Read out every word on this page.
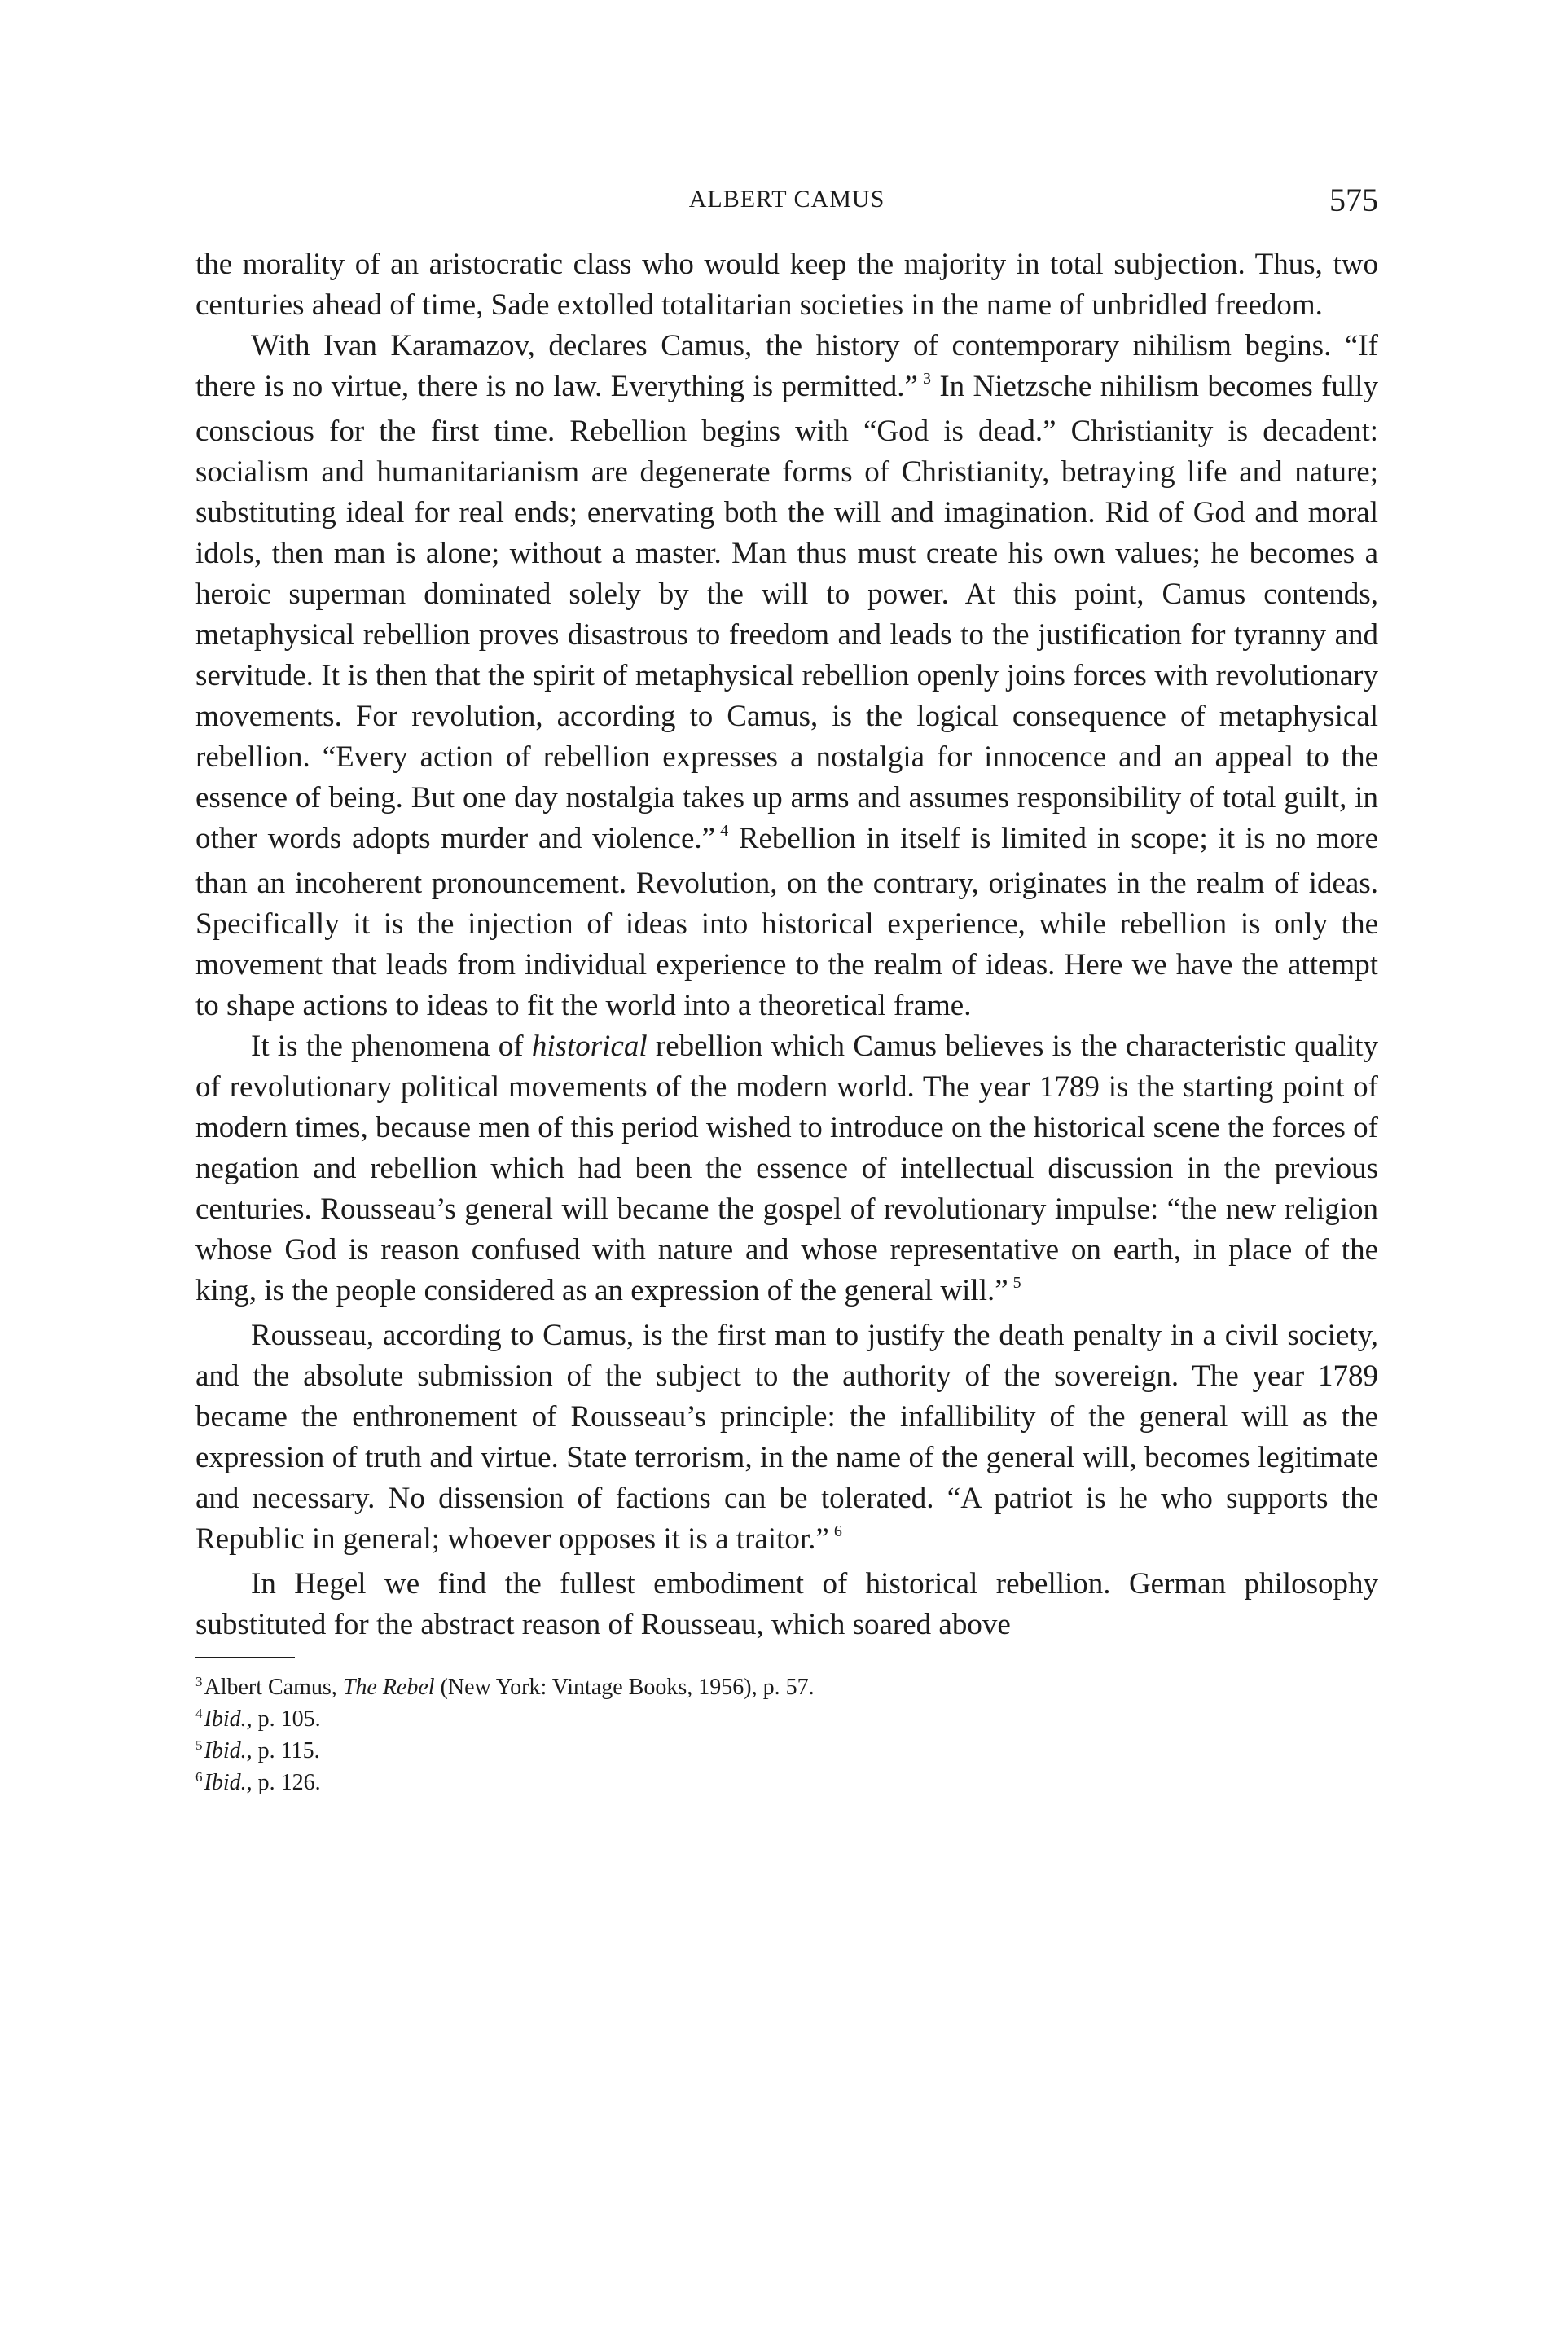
ALBERT CAMUS	575

the morality of an aristocratic class who would keep the majority in total subjection. Thus, two centuries ahead of time, Sade extolled totalitarian societies in the name of unbridled freedom.

With Ivan Karamazov, declares Camus, the history of contemporary nihilism begins. “If there is no virtue, there is no law. Everything is permitted.” $^3$ In Nietzsche nihilism becomes fully conscious for the first time. Rebellion begins with “God is dead.” Christianity is decadent: socialism and humanitarianism are degenerate forms of Christianity, betraying life and nature; substituting ideal for real ends; enervating both the will and imagination. Rid of God and moral idols, then man is alone; without a master. Man thus must create his own values; he becomes a heroic superman dominated solely by the will to power. At this point, Camus contends, metaphysical rebellion proves disastrous to freedom and leads to the justification for tyranny and servitude. It is then that the spirit of metaphysical rebellion openly joins forces with revolutionary movements. For revolution, according to Camus, is the logical consequence of metaphysical rebellion. “Every action of rebellion expresses a nostalgia for innocence and an appeal to the essence of being. But one day nostalgia takes up arms and assumes responsibility of total guilt, in other words adopts murder and violence.” $^4$ Rebellion in itself is limited in scope; it is no more than an incoherent pronouncement. Revolution, on the contrary, originates in the realm of ideas. Specifically it is the injection of ideas into historical experience, while rebellion is only the movement that leads from individual experience to the realm of ideas. Here we have the attempt to shape actions to ideas to fit the world into a theoretical frame.

It is the phenomena of historical rebellion which Camus believes is the characteristic quality of revolutionary political movements of the modern world. The year 1789 is the starting point of modern times, because men of this period wished to introduce on the historical scene the forces of negation and rebellion which had been the essence of intellectual discussion in the previous centuries. Rousseau’s general will became the gospel of revolutionary impulse: “the new religion whose God is reason confused with nature and whose representative on earth, in place of the king, is the people considered as an expression of the general will.” $^5$

Rousseau, according to Camus, is the first man to justify the death penalty in a civil society, and the absolute submission of the subject to the authority of the sovereign. The year 1789 became the enthronement of Rousseau’s principle: the infallibility of the general will as the expression of truth and virtue. State terrorism, in the name of the general will, becomes legitimate and necessary. No dissension of factions can be tolerated. “A patriot is he who supports the Republic in general; whoever opposes it is a traitor.” $^6$

In Hegel we find the fullest embodiment of historical rebellion. German philosophy substituted for the abstract reason of Rousseau, which soared above

$^3$Albert Camus, The Rebel (New York: Vintage Books, 1956), p. 57.
$^4$Ibid., p. 105.
$^5$Ibid., p. 115.
$^6$Ibid., p. 126.
